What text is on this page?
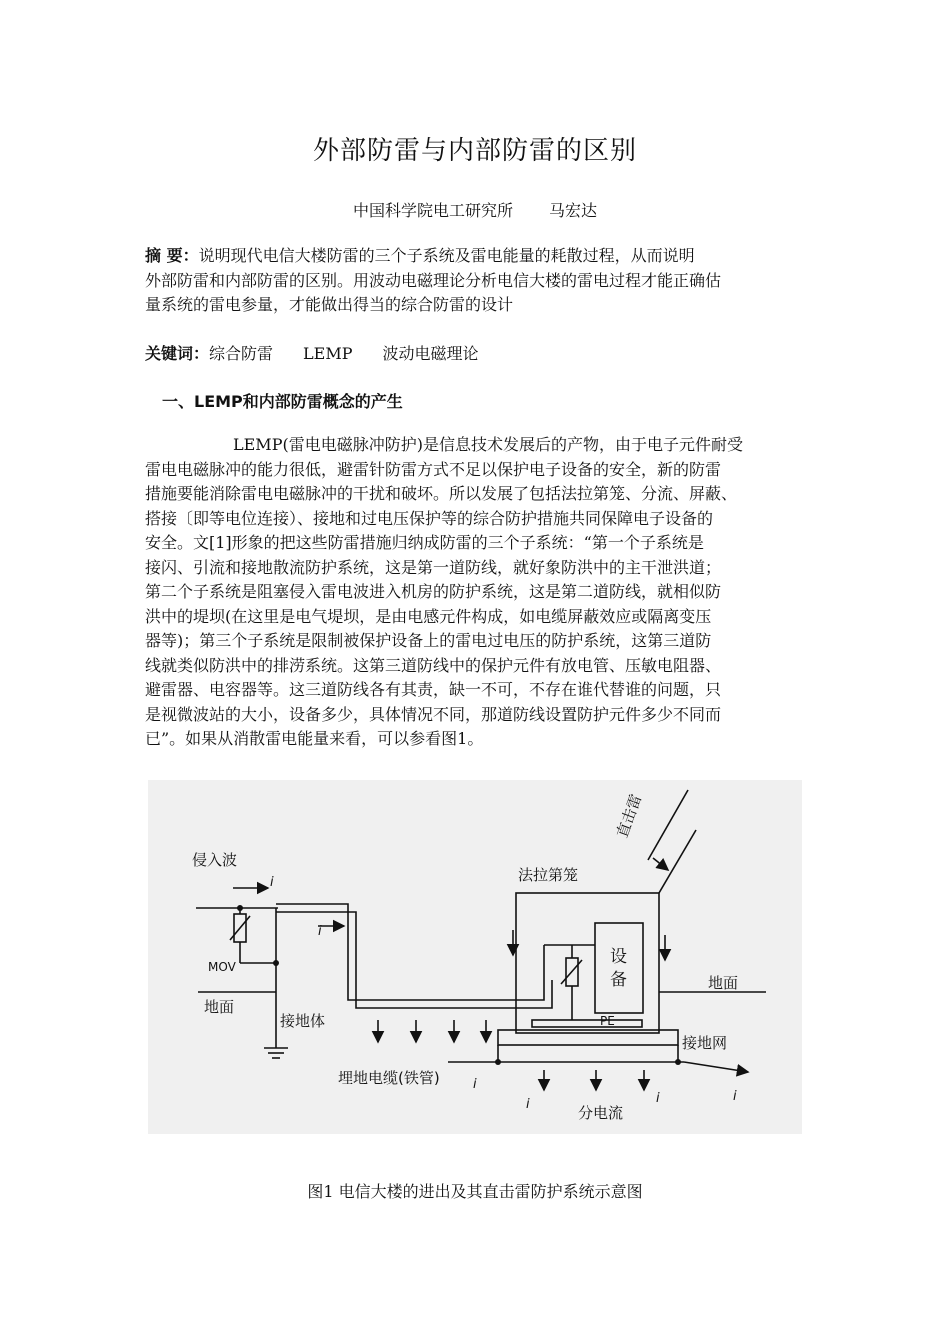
外部防雷与内部防雷的区别
中国科学院电工研究所 马宏达
摘 要：说明现代电信大楼防雷的三个子系统及雷电能量的耗散过程，从而说明
外部防雷和内部防雷的区别。用波动电磁理论分析电信大楼的雷电过程才能正确估
量系统的雷电参量，才能做出得当的综合防雷的设计
关键词：综合防雷 LEMP 波动电磁理论
一、LEMP和内部防雷概念的产生
LEMP(雷电电磁脉冲防护)是信息技术发展后的产物，由于电子元件耐受
雷电电磁脉冲的能力很低，避雷针防雷方式不足以保护电子设备的安全，新的防雷
措施要能消除雷电电磁脉冲的干扰和破坏。所以发展了包括法拉第笼、分流、屏蔽、
搭接〔即等电位连接）、接地和过电压保护等的综合防护措施共同保障电子设备的
安全。文[1]形象的把这些防雷措施归纳成防雷的三个子系统：“第一个子系统是
接闪、引流和接地散流防护系统，这是第一道防线，就好象防洪中的主干泄洪道；
第二个子系统是阻塞侵入雷电波进入机房的防护系统，这是第二道防线，就相似防
洪中的堤坝(在这里是电气堤坝，是由电感元件构成，如电缆屏蔽效应或隔离变压
器等)；第三个子系统是限制被保护设备上的雷电过电压的防护系统，这第三道防
线就类似防洪中的排涝系统。这第三道防线中的保护元件有放电管、压敏电阻器、
避雷器、电容器等。这三道防线各有其责，缺一不可，不存在谁代替谁的问题，只
是视微波站的大小，设备多少，具体情况不同，那道防线设置防护元件多少不同而
已”。如果从消散雷电能量来看，可以参看图1。
侵入波
法拉第笼
设
备	地面
地面
MOV
接地体	PE
接地网
埋地电缆(铁管)
分电流
直击雷
i
i
i
i	i	i
图1 电信大楼的进出及其直击雷防护系统示意图
